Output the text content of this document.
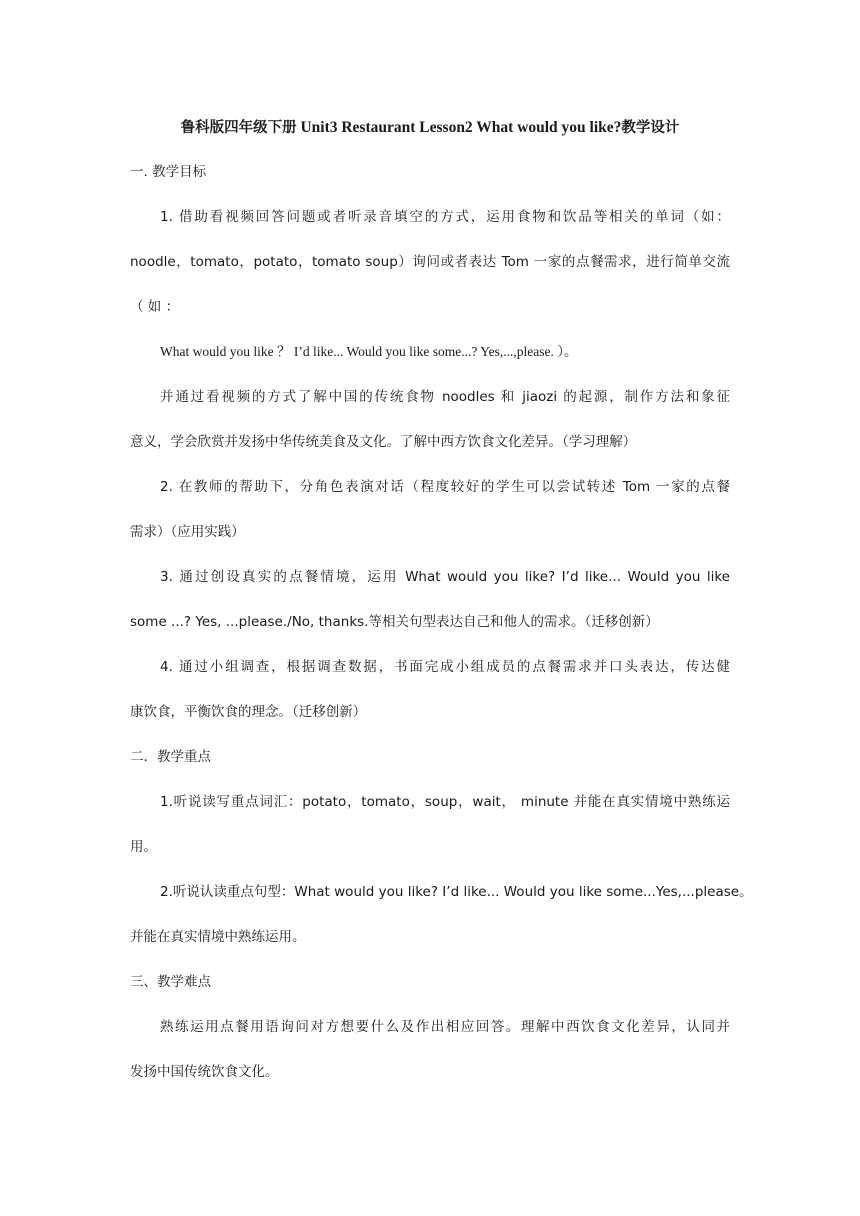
鲁科版四年级下册 Unit3 Restaurant Lesson2 What would you like?教学设计
一. 教学目标
1. 借助看视频回答问题或者听录音填空的方式，运用食物和饮品等相关的单词（如：
noodle，tomato，potato，tomato soup）询问或者表达 Tom 一家的点餐需求，进行简单交流
（ 如 ：
What would you like ？ I’d like... Would you like some...? Yes,...,please. ）。
并通过看视频的方式了解中国的传统食物 noodles 和 jiaozi 的起源，制作方法和象征
意义，学会欣赏并发扬中华传统美食及文化。了解中西方饮食文化差异。（学习理解）
2. 在教师的帮助下，分角色表演对话（程度较好的学生可以尝试转述 Tom 一家的点餐
需求）（应用实践）
3. 通过创设真实的点餐情境，运用 What would you like? I’d like... Would you like
some ...? Yes, ...please./No, thanks.等相关句型表达自己和他人的需求。（迁移创新）
4. 通过小组调查，根据调查数据，书面完成小组成员的点餐需求并口头表达，传达健
康饮食，平衡饮食的理念。（迁移创新）
二．教学重点
1.听说读写重点词汇：potato，tomato，soup，wait， minute 并能在真实情境中熟练运
用。
2.听说认读重点句型：What would you like? I’d like... Would you like some...Yes,...please。
并能在真实情境中熟练运用。
三、教学难点
熟练运用点餐用语询问对方想要什么及作出相应回答。理解中西饮食文化差异，认同并
发扬中国传统饮食文化。
